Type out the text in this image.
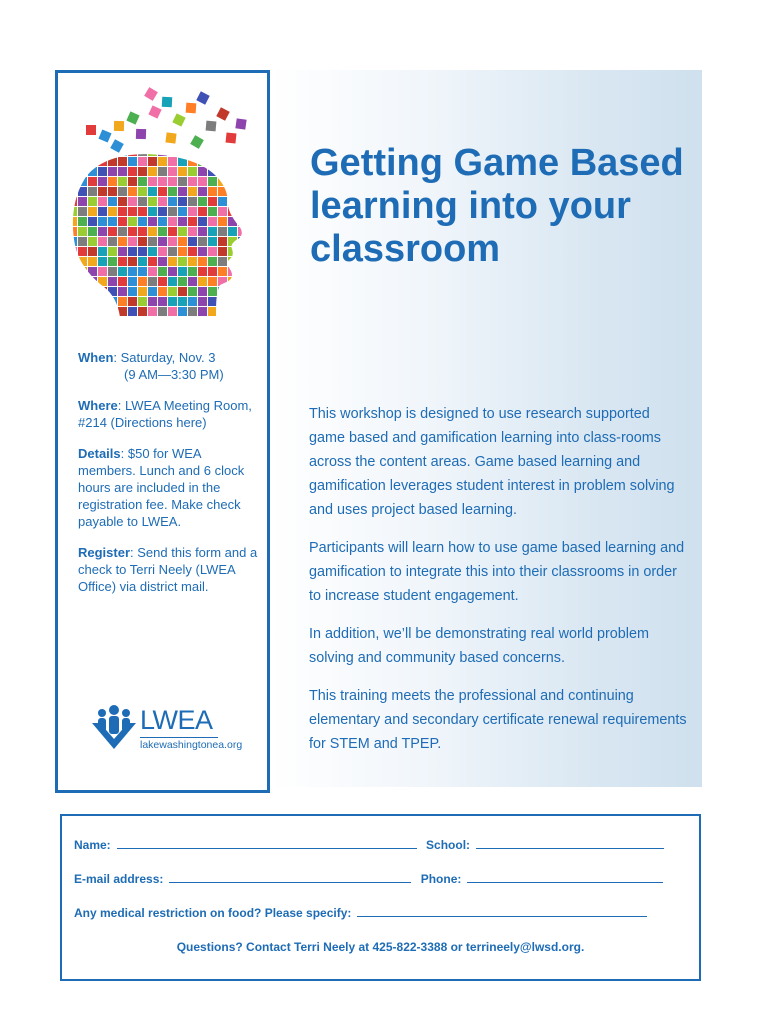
When: Saturday, Nov. 3
(9 AM—3:30 PM)

Where: LWEA Meeting Room, #214 (Directions here)

Details: $50 for WEA members. Lunch and 6 clock hours are included in the registration fee. Make check payable to LWEA.

Register: Send this form and a check to Terri Neely (LWEA Office) via district mail.

LWEA
lakewashingtonea.org
Getting Game Based learning into your classroom

This workshop is designed to use research supported game based and gamification learning into class-rooms across the content areas. Game based learning and gamification leverages student interest in problem solving and uses project based learning.

Participants will learn how to use game based learning and gamification to integrate this into their classrooms in order to increase student engagement.

In addition, we’ll be demonstrating real world problem solving and community based concerns.

This training meets the professional and continuing elementary and secondary certificate renewal requirements for STEM and TPEP.

Name:	School:
E-mail address:	Phone:
Any medical restriction on food? Please specify:
Questions? Contact Terri Neely at 425-822-3388 or terrineely@lwsd.org.
